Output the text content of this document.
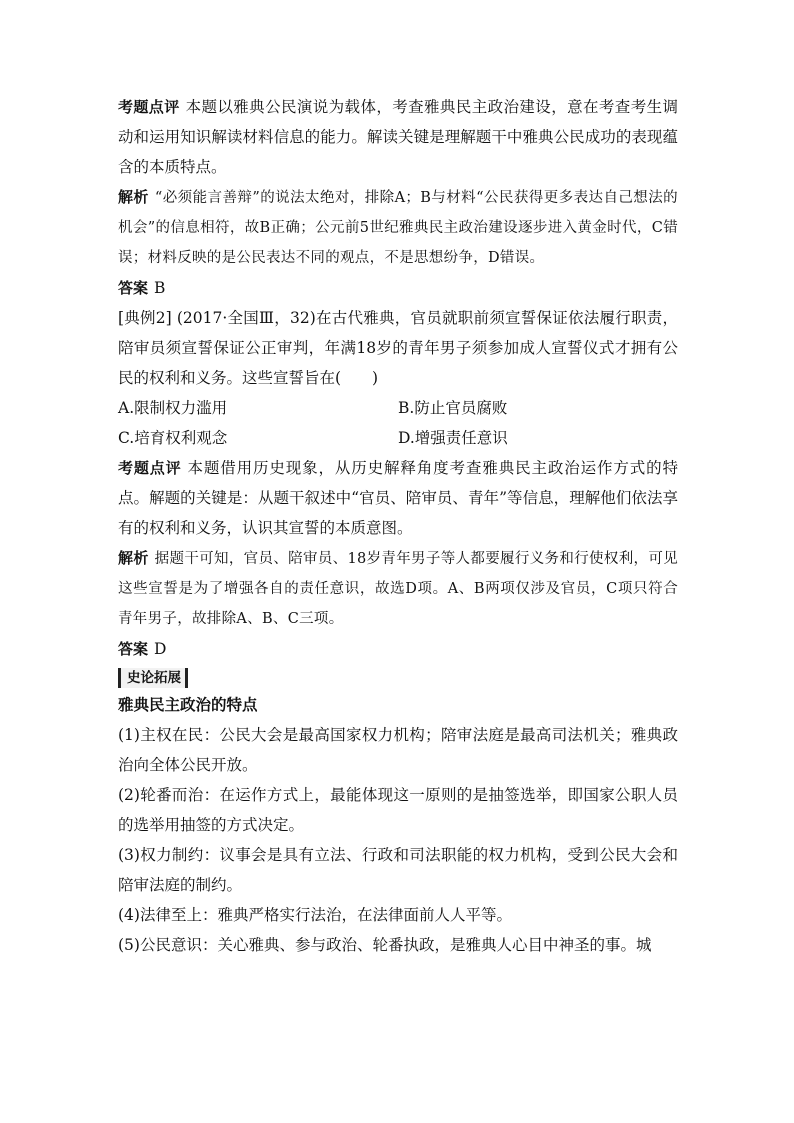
考题点评 本题以雅典公民演说为载体，考查雅典民主政治建设，意在考查考生调动和运用知识解读材料信息的能力。解读关键是理解题干中雅典公民成功的表现蕴含的本质特点。

解析 “必须能言善辩”的说法太绝对，排除A；B与材料“公民获得更多表达自己想法的机会”的信息相符，故B正确；公元前5世纪雅典民主政治建设逐步进入黄金时代，C错误；材料反映的是公民表达不同的观点，不是思想纷争，D错误。

答案 B

[典例2] (2017·全国Ⅲ，32)在古代雅典，官员就职前须宣誓保证依法履行职责，陪审员须宣誓保证公正审判，年满18岁的青年男子须参加成人宣誓仪式才拥有公民的权利和义务。这些宣誓旨在(　　)

A.限制权力滥用	B.防止官员腐败
C.培育权利观念	D.增强责任意识

考题点评 本题借用历史现象，从历史解释角度考查雅典民主政治运作方式的特点。解题的关键是：从题干叙述中“官员、陪审员、青年”等信息，理解他们依法享有的权利和义务，认识其宣誓的本质意图。

解析 据题干可知，官员、陪审员、18岁青年男子等人都要履行义务和行使权利，可见这些宣誓是为了增强各自的责任意识，故选D项。A、B两项仅涉及官员，C项只符合青年男子，故排除A、B、C三项。

答案 D

史论拓展

雅典民主政治的特点

(1)主权在民：公民大会是最高国家权力机构；陪审法庭是最高司法机关；雅典政治向全体公民开放。

(2)轮番而治：在运作方式上，最能体现这一原则的是抽签选举，即国家公职人员的选举用抽签的方式决定。

(3)权力制约：议事会是具有立法、行政和司法职能的权力机构，受到公民大会和陪审法庭的制约。

(4)法律至上：雅典严格实行法治，在法律面前人人平等。

(5)公民意识：关心雅典、参与政治、轮番执政，是雅典人心目中神圣的事。城
